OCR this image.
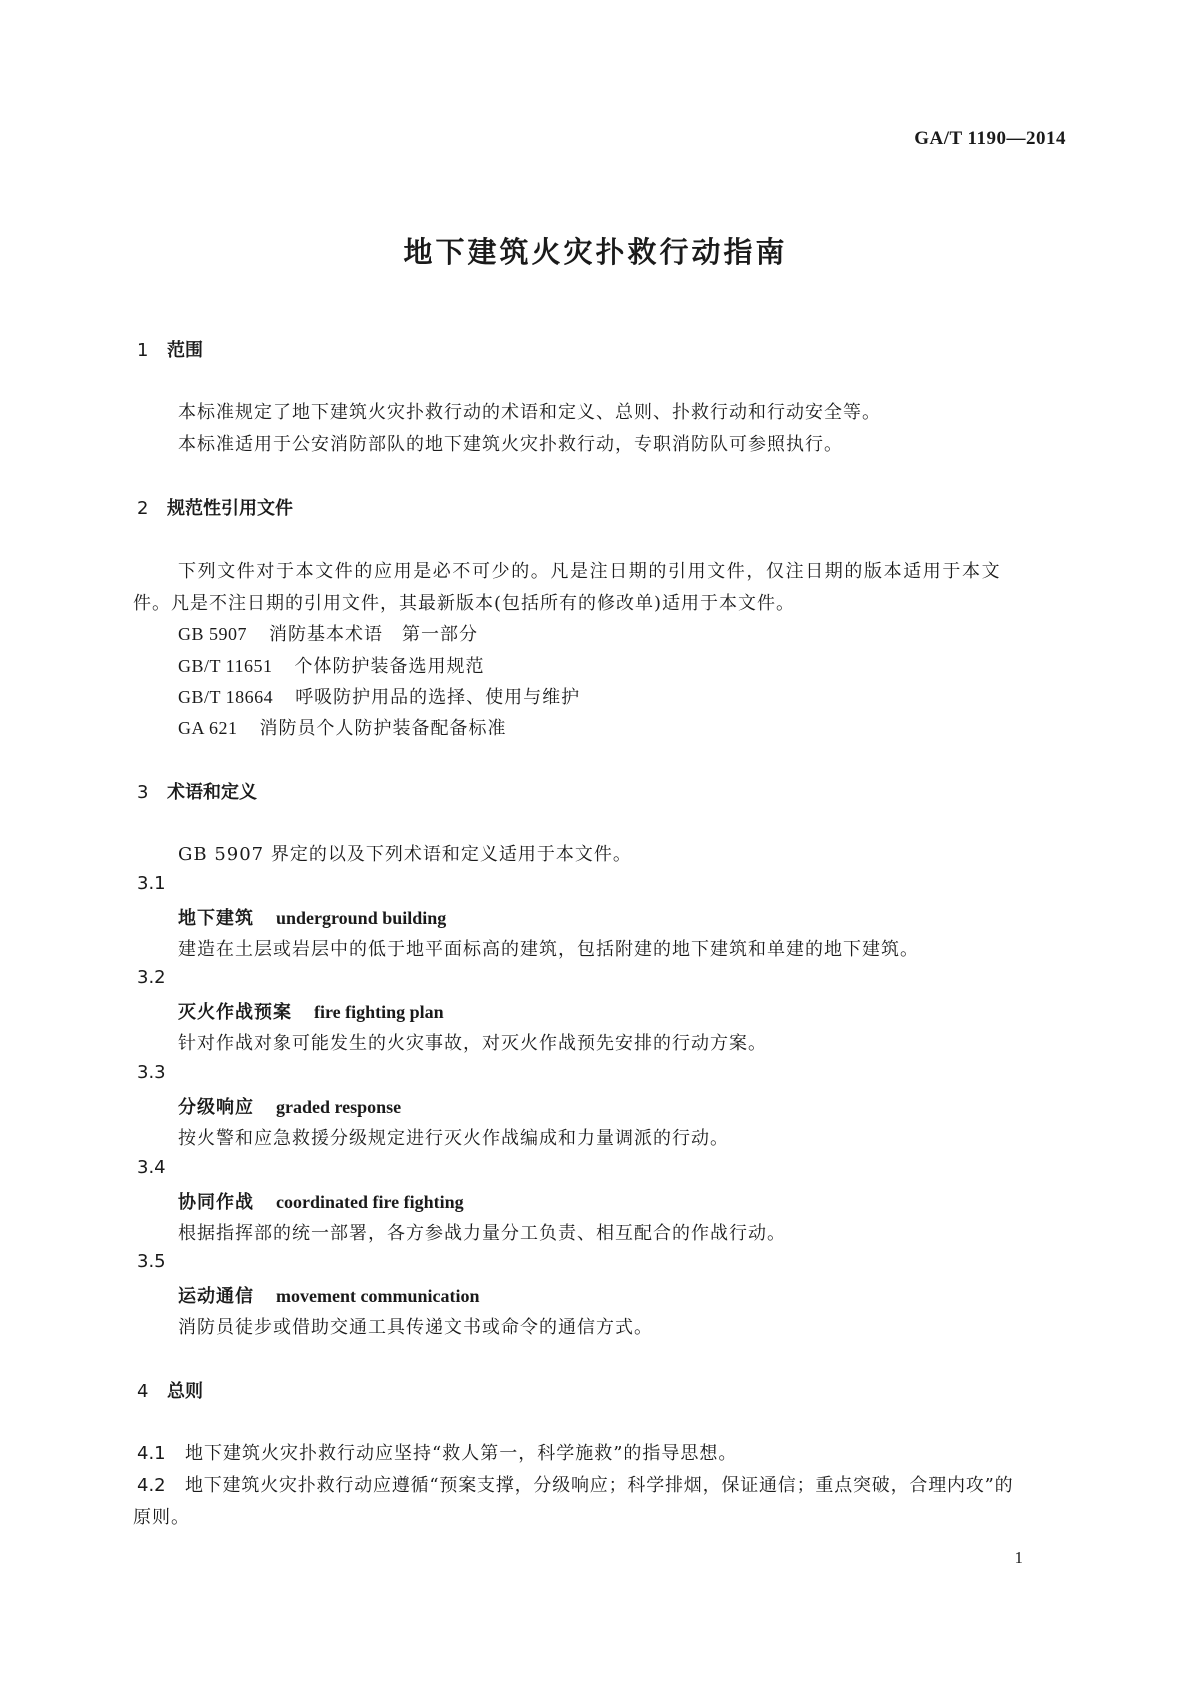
GA/T 1190—2014
地下建筑火灾扑救行动指南
1 范围
本标准规定了地下建筑火灾扑救行动的术语和定义、总则、扑救行动和行动安全等。
本标准适用于公安消防部队的地下建筑火灾扑救行动，专职消防队可参照执行。
2 规范性引用文件
下列文件对于本文件的应用是必不可少的。凡是注日期的引用文件，仅注日期的版本适用于本文
件。凡是不注日期的引用文件，其最新版本(包括所有的修改单)适用于本文件。
GB 5907 消防基本术语　第一部分
GB/T 11651 个体防护装备选用规范
GB/T 18664 呼吸防护用品的选择、使用与维护
GA 621 消防员个人防护装备配备标准
3 术语和定义
GB 5907 界定的以及下列术语和定义适用于本文件。
3.1
地下建筑 underground building
建造在土层或岩层中的低于地平面标高的建筑，包括附建的地下建筑和单建的地下建筑。
3.2
灭火作战预案 fire fighting plan
针对作战对象可能发生的火灾事故，对灭火作战预先安排的行动方案。
3.3
分级响应 graded response
按火警和应急救援分级规定进行灭火作战编成和力量调派的行动。
3.4
协同作战 coordinated fire fighting
根据指挥部的统一部署，各方参战力量分工负责、相互配合的作战行动。
3.5
运动通信 movement communication
消防员徒步或借助交通工具传递文书或命令的通信方式。
4 总则
4.1 地下建筑火灾扑救行动应坚持“救人第一，科学施救”的指导思想。
4.2 地下建筑火灾扑救行动应遵循“预案支撑，分级响应；科学排烟，保证通信；重点突破，合理内攻”的
原则。
1
